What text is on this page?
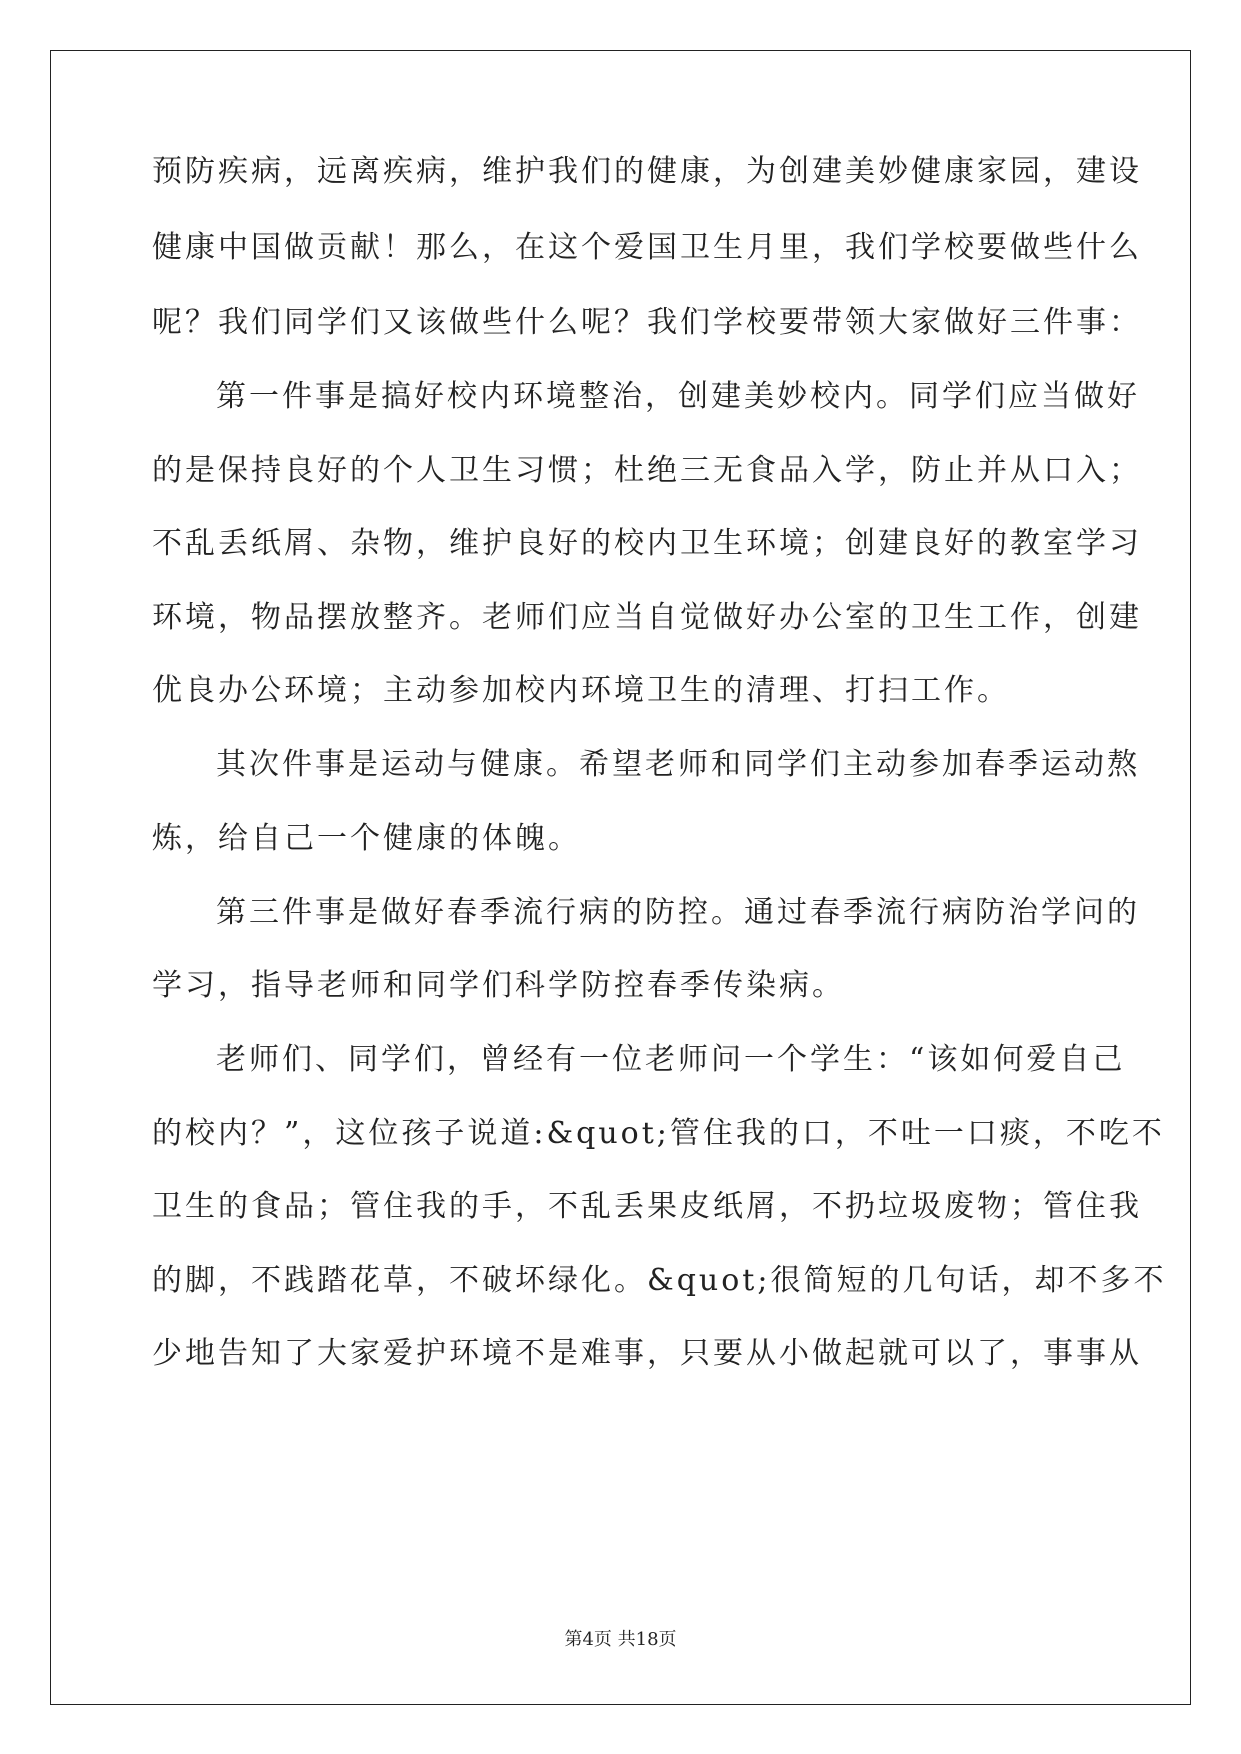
预防疾病，远离疾病，维护我们的健康，为创建美妙健康家园，建设
健康中国做贡献！那么，在这个爱国卫生月里，我们学校要做些什么
呢？我们同学们又该做些什么呢？我们学校要带领大家做好三件事：
第一件事是搞好校内环境整治，创建美妙校内。同学们应当做好
的是保持良好的个人卫生习惯；杜绝三无食品入学，防止并从口入；
不乱丢纸屑、杂物，维护良好的校内卫生环境；创建良好的教室学习
环境，物品摆放整齐。老师们应当自觉做好办公室的卫生工作，创建
优良办公环境；主动参加校内环境卫生的清理、打扫工作。
其次件事是运动与健康。希望老师和同学们主动参加春季运动熬
炼，给自己一个健康的体魄。
第三件事是做好春季流行病的防控。通过春季流行病防治学问的
学习，指导老师和同学们科学防控春季传染病。
老师们、同学们，曾经有一位老师问一个学生：“该如何爱自己
的校内？”，这位孩子说道:&quot;管住我的口，不吐一口痰，不吃不
卫生的食品；管住我的手，不乱丢果皮纸屑，不扔垃圾废物；管住我
的脚，不践踏花草，不破坏绿化。&quot;很简短的几句话，却不多不
少地告知了大家爱护环境不是难事，只要从小做起就可以了，事事从
第4页 共18页
